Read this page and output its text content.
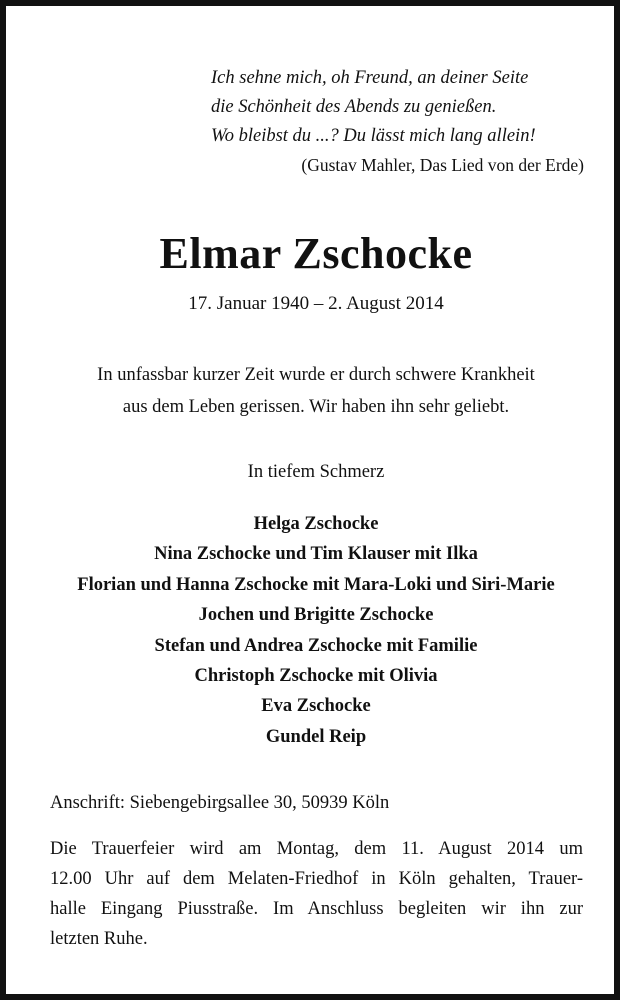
Ich sehne mich, oh Freund, an deiner Seite
die Schönheit des Abends zu genießen.
Wo bleibst du ...? Du lässt mich lang allein!
(Gustav Mahler, Das Lied von der Erde)
Elmar Zschocke
17. Januar 1940 – 2. August 2014
In unfassbar kurzer Zeit wurde er durch schwere Krankheit
aus dem Leben gerissen. Wir haben ihn sehr geliebt.
In tiefem Schmerz
Helga Zschocke
Nina Zschocke und Tim Klauser mit Ilka
Florian und Hanna Zschocke mit Mara-Loki und Siri-Marie
Jochen und Brigitte Zschocke
Stefan und Andrea Zschocke mit Familie
Christoph Zschocke mit Olivia
Eva Zschocke
Gundel Reip
Anschrift: Siebengebirgsallee 30, 50939 Köln
Die Trauerfeier wird am Montag, dem 11. August 2014 um
12.00 Uhr auf dem Melaten-Friedhof in Köln gehalten, Trauer-
halle Eingang Piusstraße. Im Anschluss begleiten wir ihn zur
letzten Ruhe.
